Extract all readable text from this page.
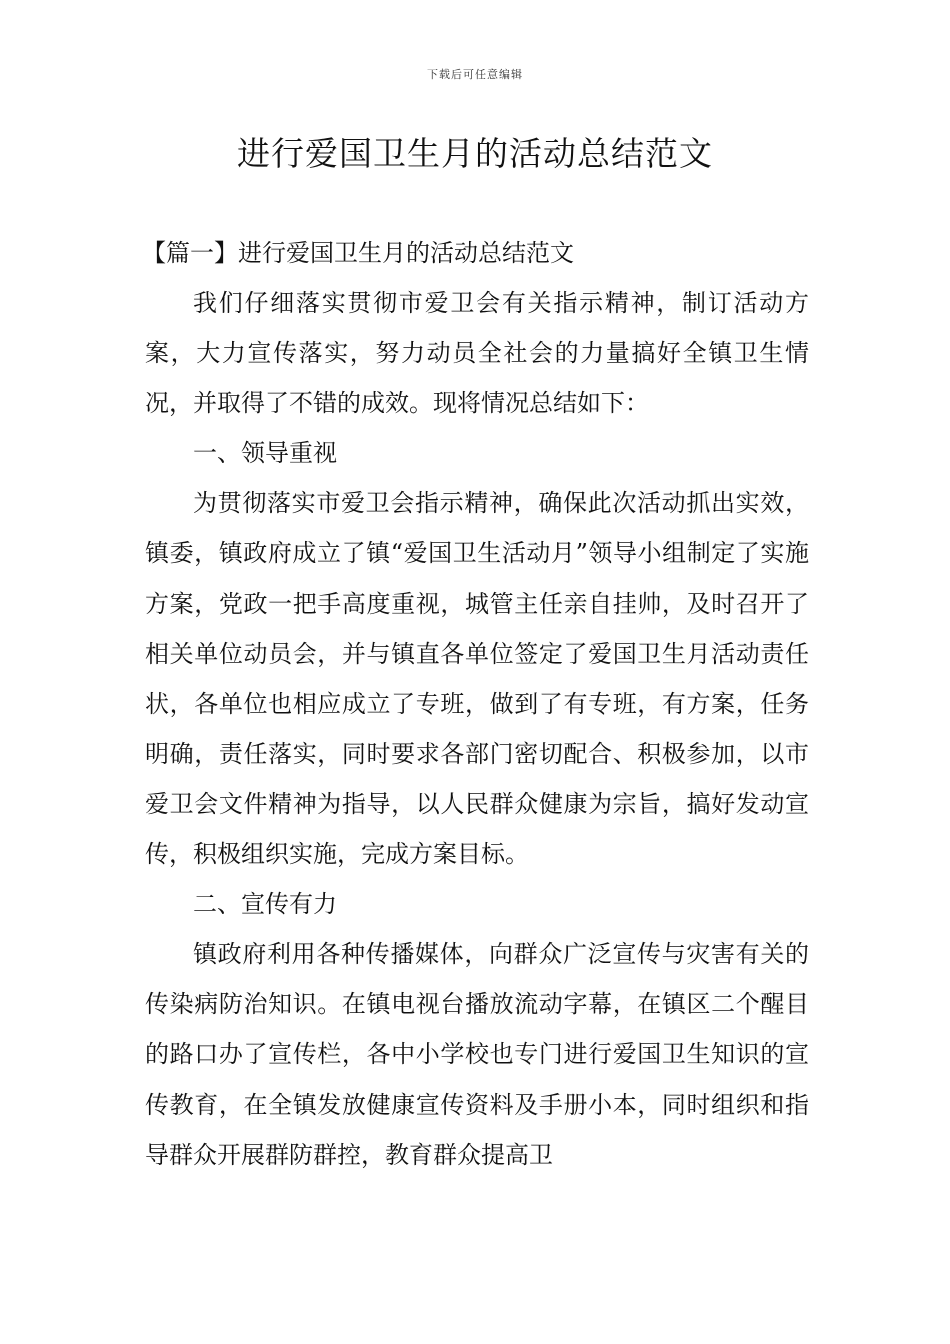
下载后可任意编辑
进行爱国卫生月的活动总结范文
【篇一】进行爱国卫生月的活动总结范文

我们仔细落实贯彻市爱卫会有关指示精神，制订活动方案，大力宣传落实，努力动员全社会的力量搞好全镇卫生情况，并取得了不错的成效。现将情况总结如下：

一、领导重视

为贯彻落实市爱卫会指示精神，确保此次活动抓出实效，镇委，镇政府成立了镇“爱国卫生活动月”领导小组制定了实施方案，党政一把手高度重视，城管主任亲自挂帅，及时召开了相关单位动员会，并与镇直各单位签定了爱国卫生月活动责任状，各单位也相应成立了专班，做到了有专班，有方案，任务明确，责任落实，同时要求各部门密切配合、积极参加，以市爱卫会文件精神为指导，以人民群众健康为宗旨，搞好发动宣传，积极组织实施，完成方案目标。

二、宣传有力

镇政府利用各种传播媒体，向群众广泛宣传与灾害有关的传染病防治知识。在镇电视台播放流动字幕，在镇区二个醒目的路口办了宣传栏，各中小学校也专门进行爱国卫生知识的宣传教育，在全镇发放健康宣传资料及手册小本，同时组织和指导群众开展群防群控，教育群众提高卫
